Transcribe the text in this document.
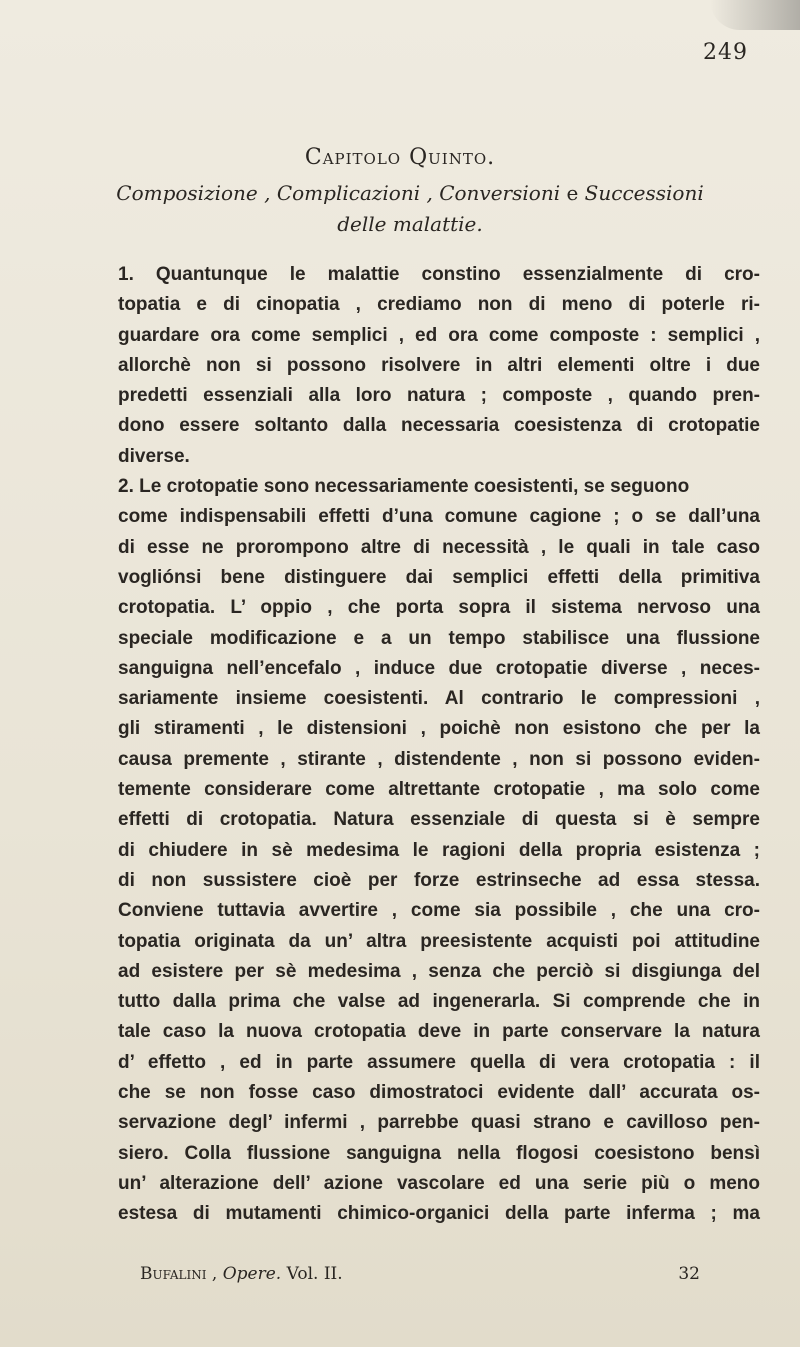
249
Capitolo Quinto.
Composizione , Complicazioni , Conversioni e Successioni
delle malattie.
1. Quantunque le malattie constino essenzialmente di cro-
topatia e di cinopatia , crediamo non di meno di poterle ri-
guardare ora come semplici , ed ora come composte : semplici ,
allorchè non si possono risolvere in altri elementi oltre i due
predetti essenziali alla loro natura ; composte , quando pren-
dono essere soltanto dalla necessaria coesistenza di crotopatie
diverse.
2. Le crotopatie sono necessariamente coesistenti, se seguono
come indispensabili effetti d’una comune cagione ; o se dall’una
di esse ne prorompono altre di necessità , le quali in tale caso
vogliónsi bene distinguere dai semplici effetti della primitiva
crotopatia. L’ oppio , che porta sopra il sistema nervoso una
speciale modificazione e a un tempo stabilisce una flussione
sanguigna nell’encefalo , induce due crotopatie diverse , neces-
sariamente insieme coesistenti. Al contrario le compressioni ,
gli stiramenti , le distensioni , poichè non esistono che per la
causa premente , stirante , distendente , non si possono eviden-
temente considerare come altrettante crotopatie , ma solo come
effetti di crotopatia. Natura essenziale di questa si è sempre
di chiudere in sè medesima le ragioni della propria esistenza ;
di non sussistere cioè per forze estrinseche ad essa stessa.
Conviene tuttavia avvertire , come sia possibile , che una cro-
topatia originata da un’ altra preesistente acquisti poi attitudine
ad esistere per sè medesima , senza che perciò si disgiunga del
tutto dalla prima che valse ad ingenerarla. Si comprende che in
tale caso la nuova crotopatia deve in parte conservare la natura
d’ effetto , ed in parte assumere quella di vera crotopatia : il
che se non fosse caso dimostratoci evidente dall’ accurata os-
servazione degl’ infermi , parrebbe quasi strano e cavilloso pen-
siero. Colla flussione sanguigna nella flogosi coesistono bensì
un’ alterazione dell’ azione vascolare ed una serie più o meno
estesa di mutamenti chimico-organici della parte inferma ; ma
Bufalini , Opere. Vol. II.	32
